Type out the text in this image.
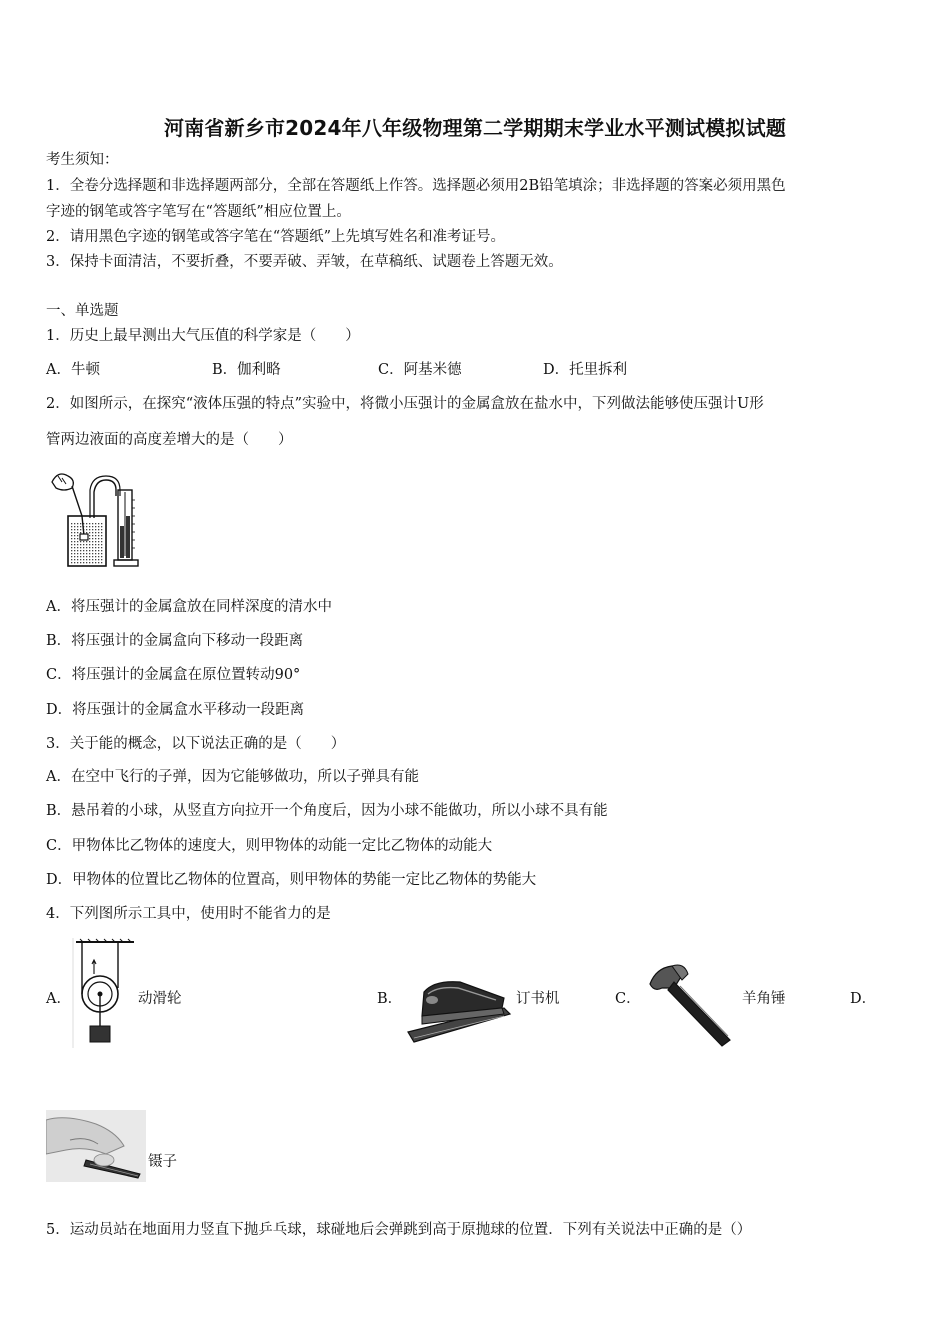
河南省新乡市2024年八年级物理第二学期期末学业水平测试模拟试题
考生须知：
1．全卷分选择题和非选择题两部分，全部在答题纸上作答。选择题必须用2B铅笔填涂；非选择题的答案必须用黑色
字迹的钢笔或答字笔写在“答题纸”相应位置上。
2．请用黑色字迹的钢笔或答字笔在“答题纸”上先填写姓名和准考证号。
3．保持卡面清洁，不要折叠，不要弄破、弄皱，在草稿纸、试题卷上答题无效。
一、单选题
1．历史上最早测出大气压值的科学家是（　　）
A．牛顿	B．伽利略	C．阿基米德	D．托里拆利
2．如图所示，在探究“液体压强的特点”实验中，将微小压强计的金属盒放在盐水中，下列做法能够使压强计U形
管两边液面的高度差增大的是（　　）
A．将压强计的金属盒放在同样深度的清水中
B．将压强计的金属盒向下移动一段距离
C．将压强计的金属盒在原位置转动90°
D．将压强计的金属盒水平移动一段距离
3．关于能的概念，以下说法正确的是（　　）
A．在空中飞行的子弹，因为它能够做功，所以子弹具有能
B．悬吊着的小球，从竖直方向拉开一个角度后，因为小球不能做功，所以小球不具有能
C．甲物体比乙物体的速度大，则甲物体的动能一定比乙物体的动能大
D．甲物体的位置比乙物体的位置高，则甲物体的势能一定比乙物体的势能大
4．下列图所示工具中，使用时不能省力的是
A．	动滑轮	B．	订书机	C．	羊角锤	D．
镊子
5．运动员站在地面用力竖直下抛乒乓球，球碰地后会弹跳到高于原抛球的位置．下列有关说法中正确的是（）
